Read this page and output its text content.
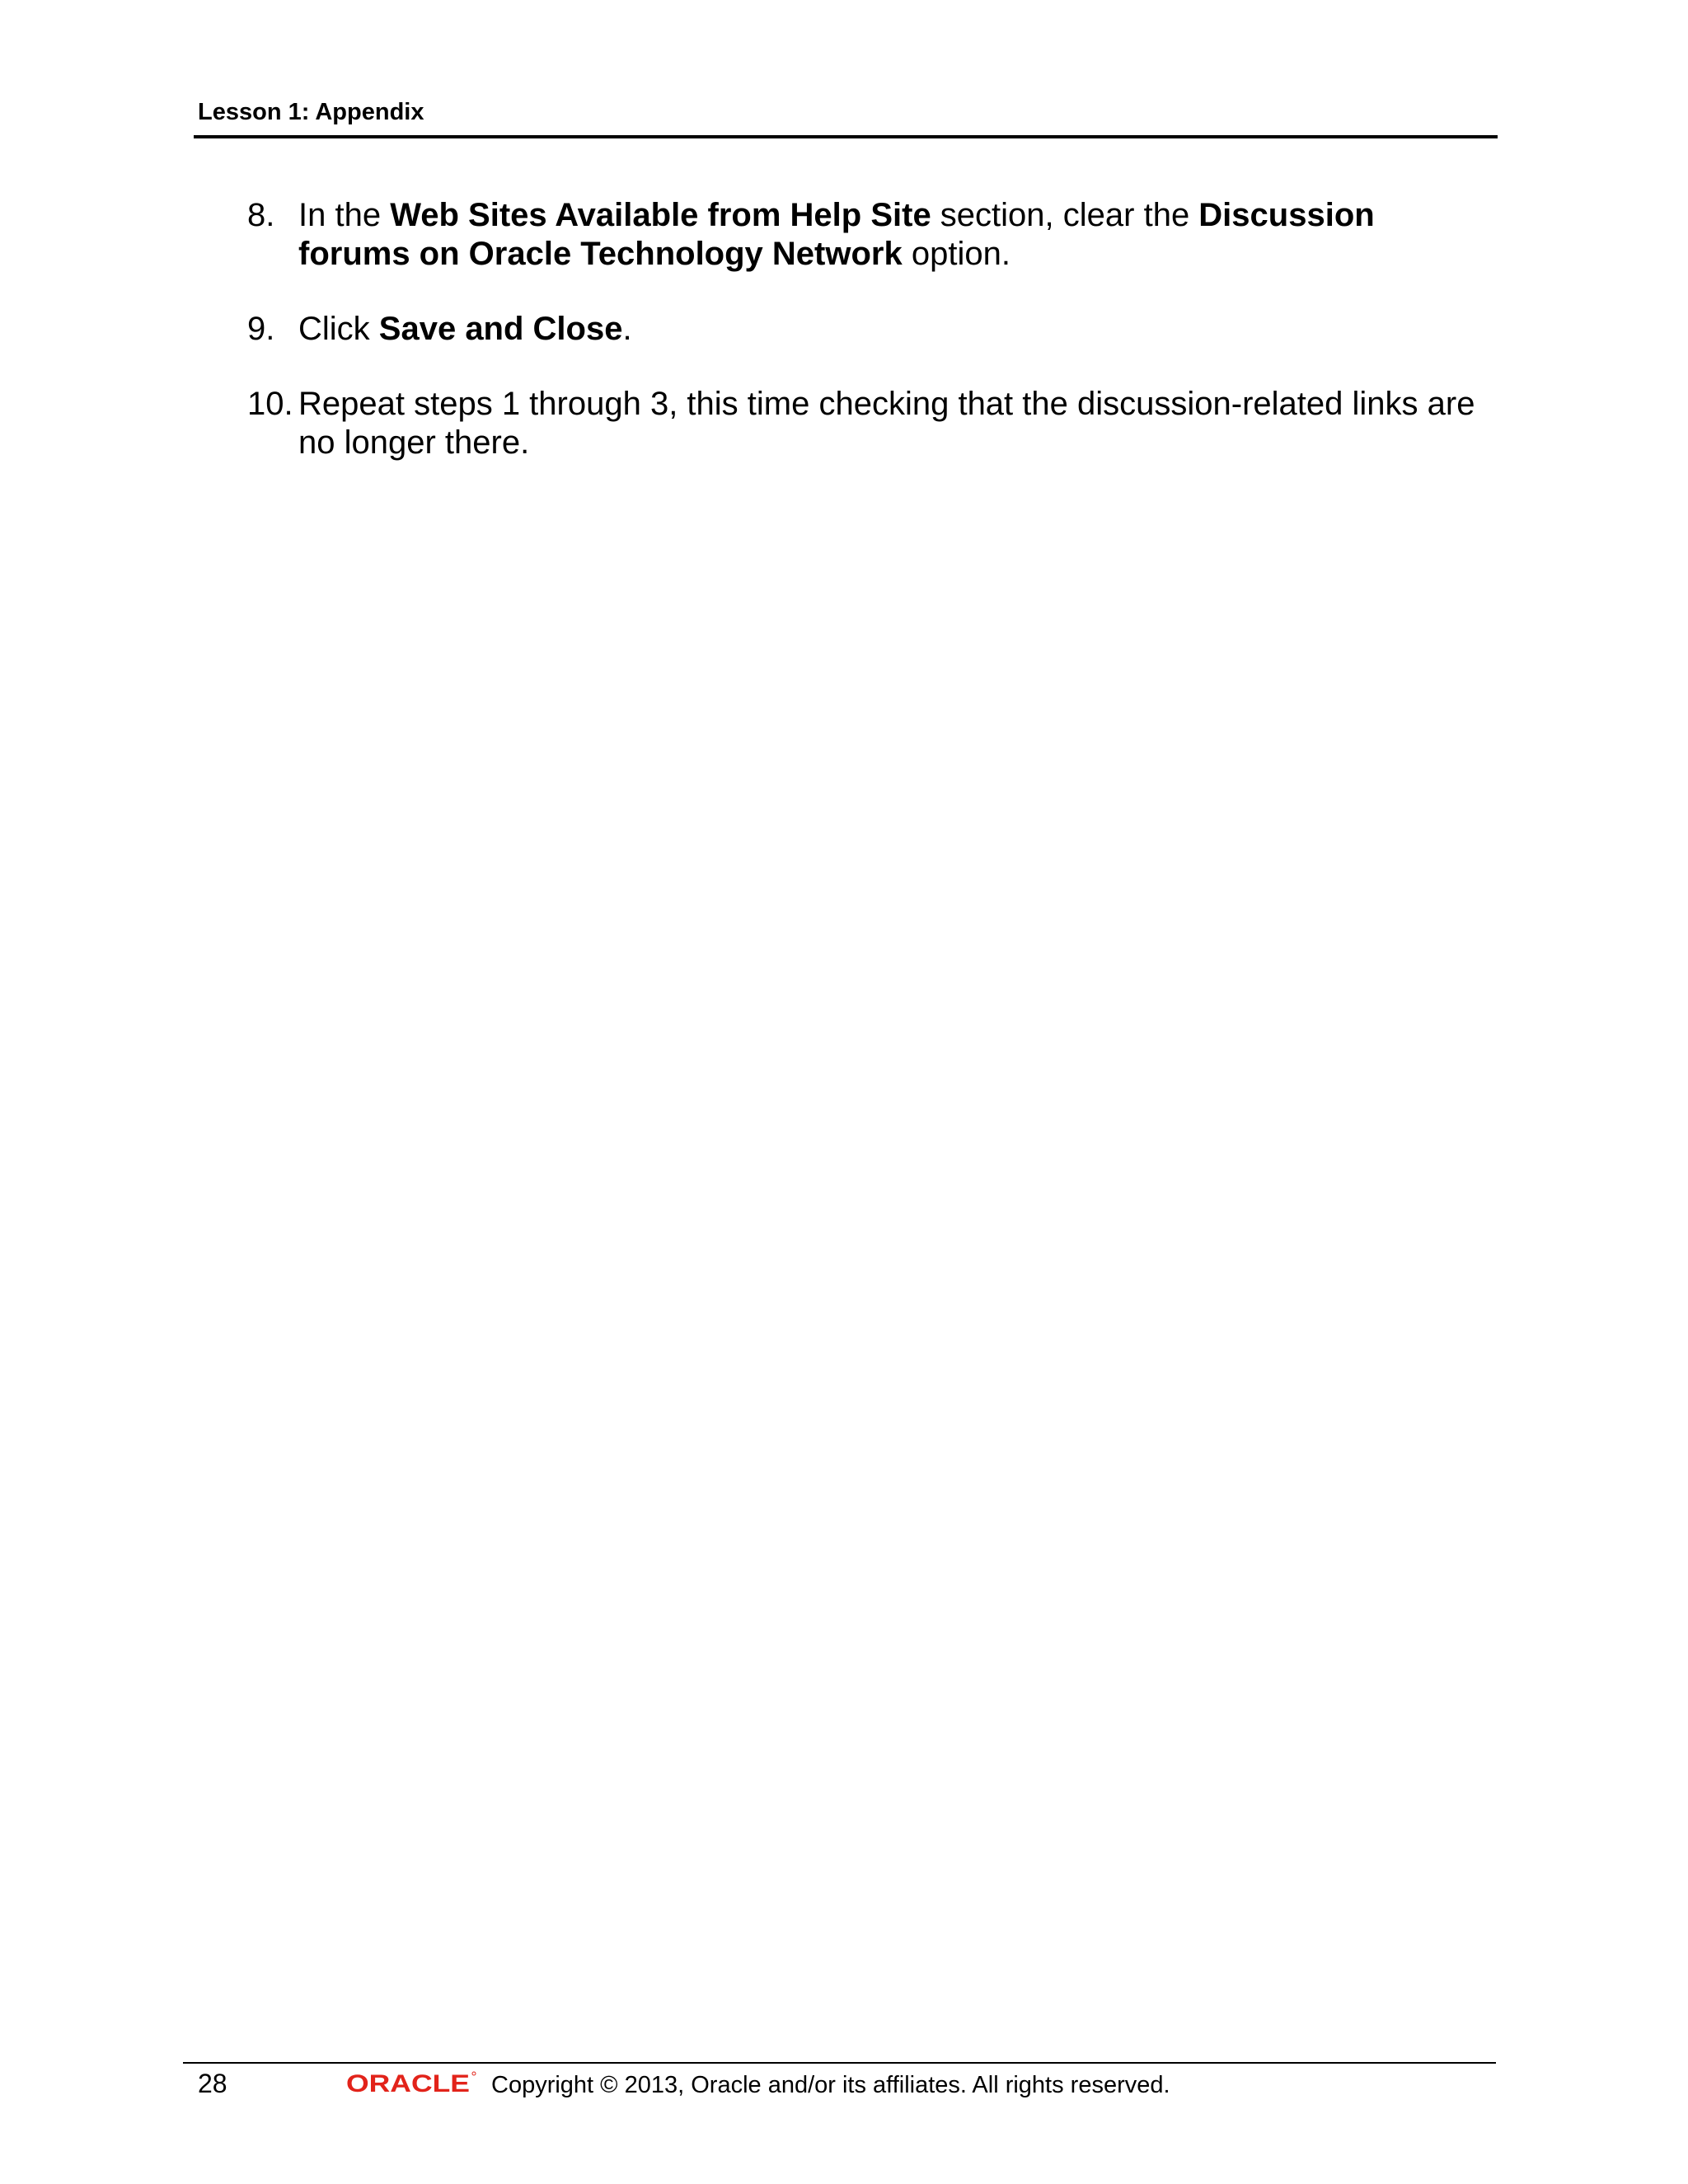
Lesson 1: Appendix
8. In the Web Sites Available from Help Site section, clear the Discussion
forums on Oracle Technology Network option.
9. Click Save and Close.
10. Repeat steps 1 through 3, this time checking that the discussion-related links are
no longer there.
28	ORACLE Copyright © 2013, Oracle and/or its affiliates. All rights reserved.
